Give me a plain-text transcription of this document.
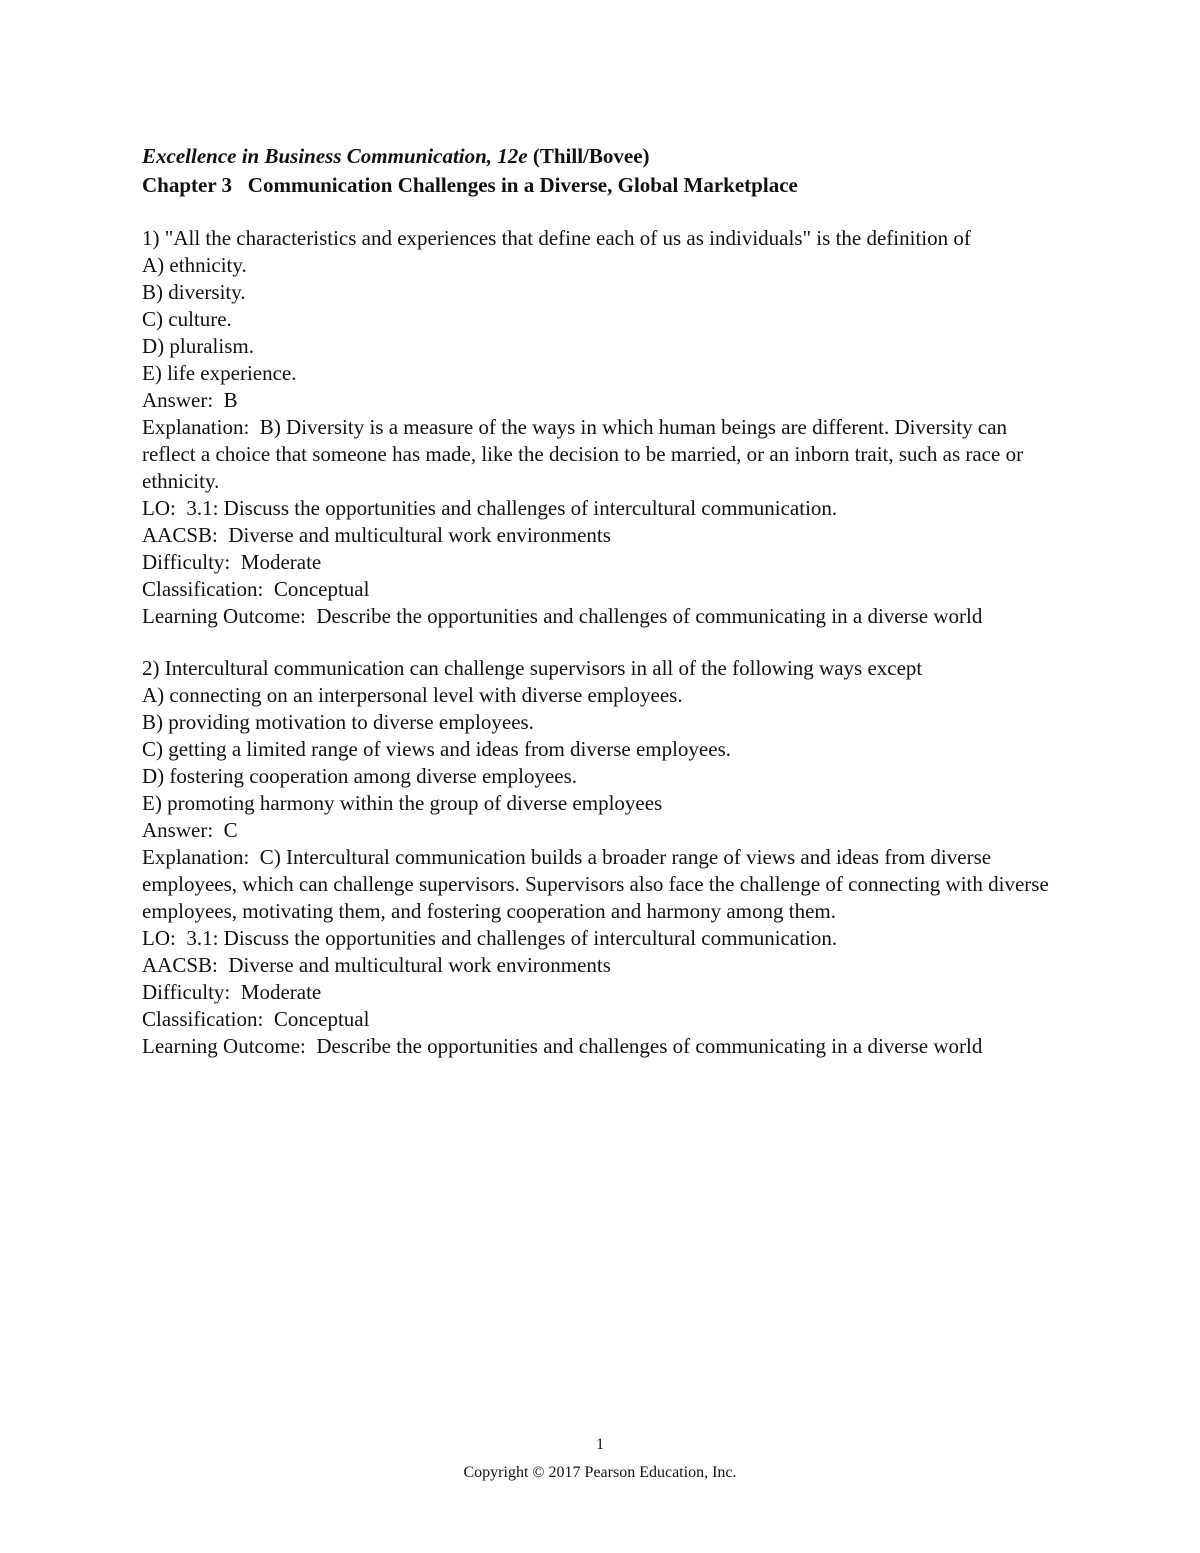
Excellence in Business Communication, 12e (Thill/Bovee)
Chapter 3   Communication Challenges in a Diverse, Global Marketplace
1) "All the characteristics and experiences that define each of us as individuals" is the definition of
A) ethnicity.
B) diversity.
C) culture.
D) pluralism.
E) life experience.
Answer:  B
Explanation:  B) Diversity is a measure of the ways in which human beings are different. Diversity can reflect a choice that someone has made, like the decision to be married, or an inborn trait, such as race or ethnicity.
LO:  3.1: Discuss the opportunities and challenges of intercultural communication.
AACSB:  Diverse and multicultural work environments
Difficulty:  Moderate
Classification:  Conceptual
Learning Outcome:  Describe the opportunities and challenges of communicating in a diverse world
2) Intercultural communication can challenge supervisors in all of the following ways except
A) connecting on an interpersonal level with diverse employees.
B) providing motivation to diverse employees.
C) getting a limited range of views and ideas from diverse employees.
D) fostering cooperation among diverse employees.
E) promoting harmony within the group of diverse employees
Answer:  C
Explanation:  C) Intercultural communication builds a broader range of views and ideas from diverse employees, which can challenge supervisors. Supervisors also face the challenge of connecting with diverse employees, motivating them, and fostering cooperation and harmony among them.
LO:  3.1: Discuss the opportunities and challenges of intercultural communication.
AACSB:  Diverse and multicultural work environments
Difficulty:  Moderate
Classification:  Conceptual
Learning Outcome:  Describe the opportunities and challenges of communicating in a diverse world
1
Copyright © 2017 Pearson Education, Inc.
